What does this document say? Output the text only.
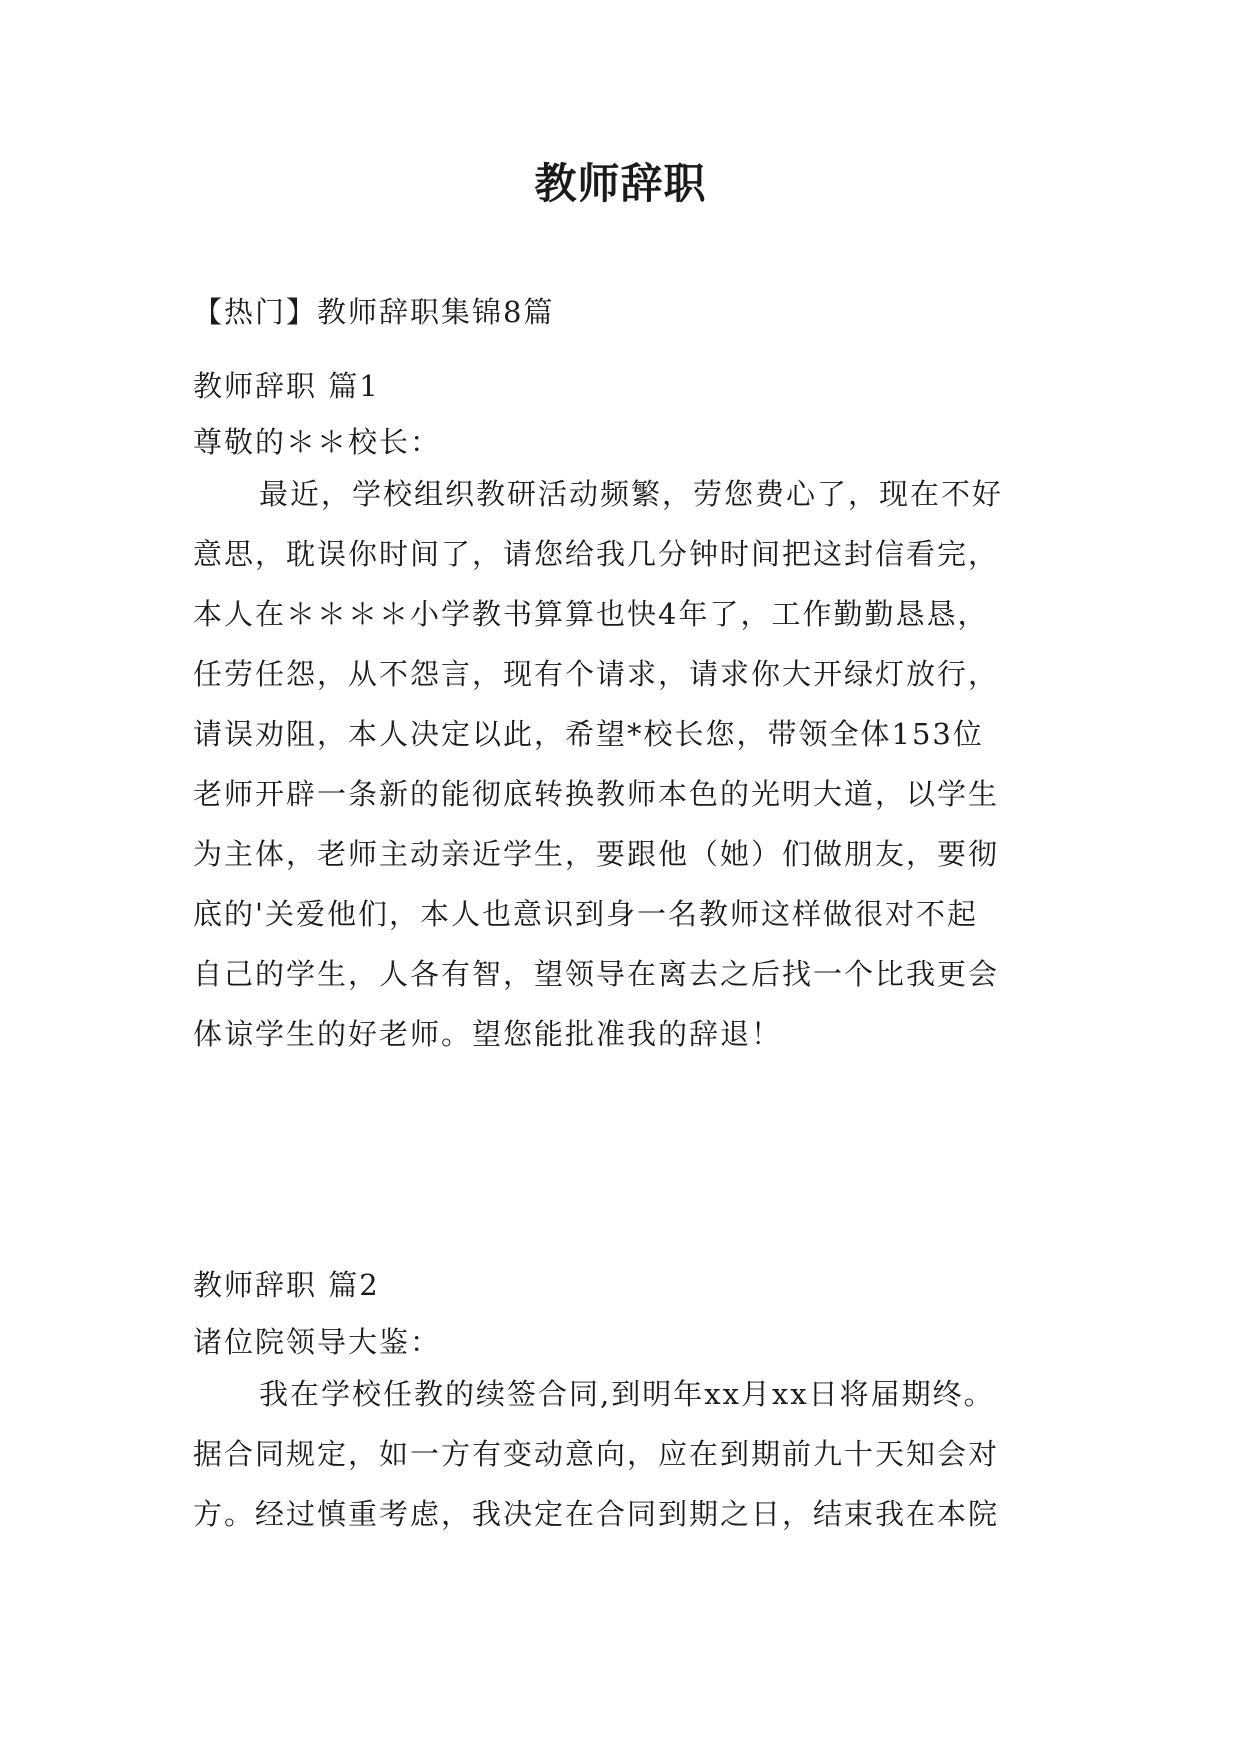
教师辞职
【热门】教师辞职集锦8篇
教师辞职 篇1
尊敬的＊＊校长：
最近，学校组织教研活动频繁，劳您费心了，现在不好
意思，耽误你时间了，请您给我几分钟时间把这封信看完，
本人在＊＊＊＊小学教书算算也快4年了，工作勤勤恳恳，
任劳任怨，从不怨言，现有个请求，请求你大开绿灯放行，
请误劝阻，本人决定以此，希望*校长您，带领全体153位
老师开辟一条新的能彻底转换教师本色的光明大道，以学生
为主体，老师主动亲近学生，要跟他（她）们做朋友，要彻
底的'关爱他们，本人也意识到身一名教师这样做很对不起
自己的学生，人各有智，望领导在离去之后找一个比我更会
体谅学生的好老师。望您能批准我的辞退！
教师辞职 篇2
诸位院领导大鉴：
我在学校任教的续签合同,到明年xx月xx日将届期终。
据合同规定，如一方有变动意向，应在到期前九十天知会对
方。经过慎重考虑，我决定在合同到期之日，结束我在本院
